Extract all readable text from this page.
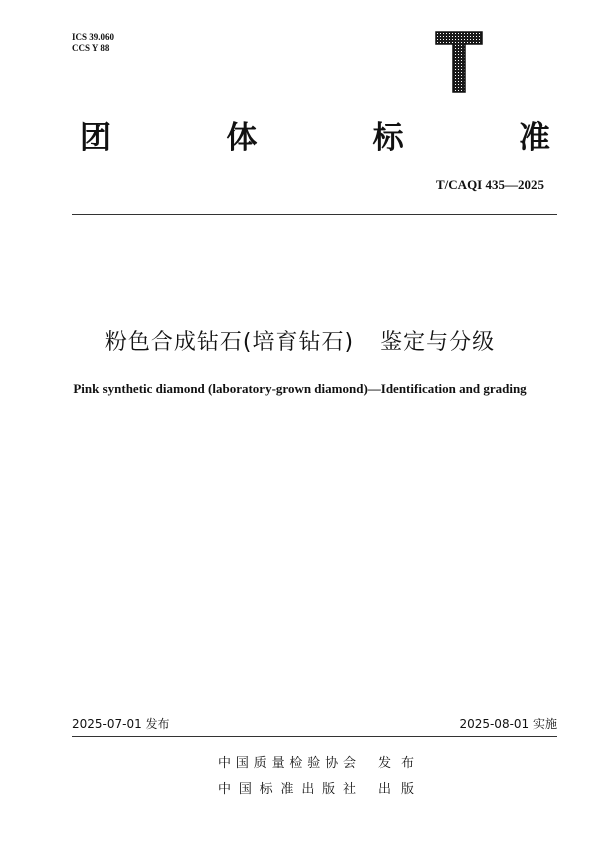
ICS 39.060
CCS Y 88
团	体	标	准
T/CAQI 435—2025
粉色合成钻石(培育钻石) 鉴定与分级
Pink synthetic diamond (laboratory-grown diamond)—Identification and grading
2025-07-01 发布	2025-08-01 实施
中国质量检验协会 发 布
中国标准出版社 出 版
